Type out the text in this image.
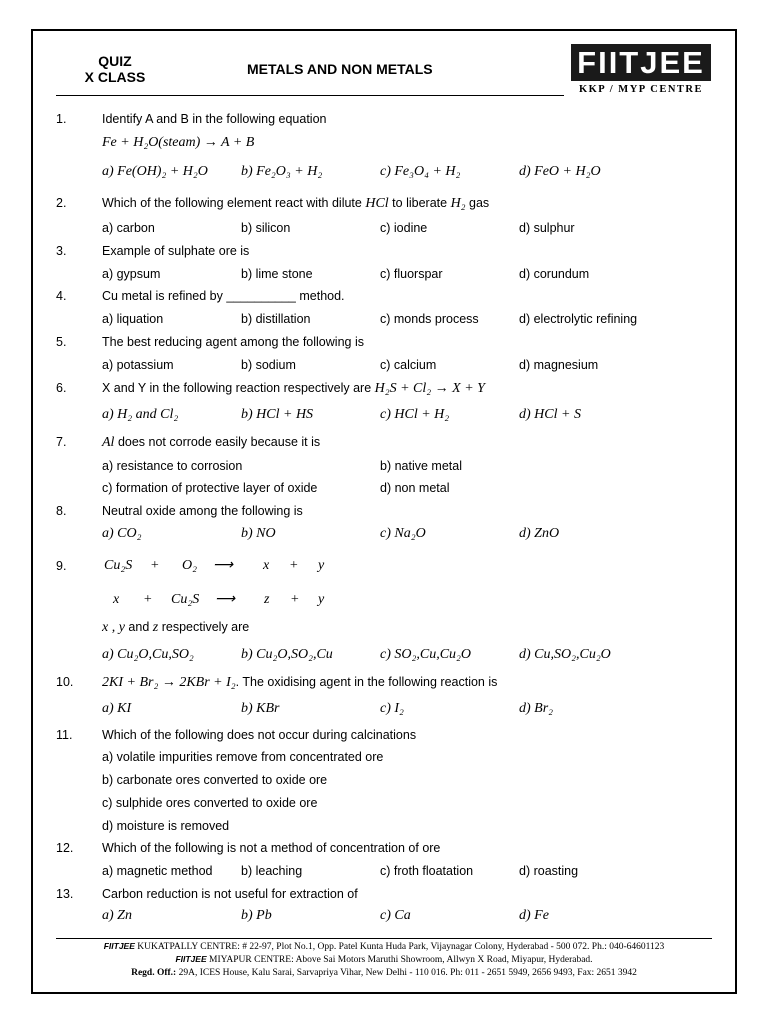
QUIZ
X CLASS	METALS AND NON METALS	FIITJEE
KKP / MYP CENTRE
1.	Identify A and B in the following equation
Fe + H₂O(steam) → A + B
a) Fe(OH)₂ + H₂O b) Fe₂O₃ + H₂	c) Fe₃O₄ + H₂	d) FeO + H₂O
2.	Which of the following element react with dilute HCl to liberate H₂ gas
a) carbon	b) silicon	c) iodine	d) sulphur
3.	Example of sulphate ore is
a) gypsum	b) lime stone	c) fluorspar	d) corundum
4.	Cu metal is refined by __________ method.
a) liquation	b) distillation	c) monds process	d) electrolytic refining
5.	The best reducing agent among the following is
a) potassium	b) sodium	c) calcium	d) magnesium
6.	X and Y in the following reaction respectively are H₂S + Cl₂ → X + Y
a) H₂ and Cl₂	b) HCl + HS	c) HCl + H₂	d) HCl + S
7.	Al does not corrode easily because it is
a) resistance to corrosion	b) native metal
c) formation of protective layer of oxide	d) non metal
8.	Neutral oxide among the following is
a) CO₂	b) NO	c) Na₂O	d) ZnO
9.	Cu₂S + O₂ ⟶ x + y
x + Cu₂S ⟶ z + y
x , y and z respectively are
a) Cu₂O,Cu,SO₂	b) Cu₂O,SO₂,Cu	c) SO₂,Cu,Cu₂O	d) Cu,SO₂,Cu₂O
10. 2KI + Br₂ → 2KBr + I₂. The oxidising agent in the following reaction is
a) KI	b) KBr	c) I₂	d) Br₂
11. Which of the following does not occur during calcinations
a) volatile impurities remove from concentrated ore
b) carbonate ores converted to oxide ore
c) sulphide ores converted to oxide ore
d) moisture is removed
12. Which of the following is not a method of concentration of ore
a) magnetic method b) leaching	c) froth floatation	d) roasting
13. Carbon reduction is not useful for extraction of
a) Zn	b) Pb	c) Ca	d) Fe
FIITJEE KUKATPALLY CENTRE: # 22-97, Plot No.1, Opp. Patel Kunta Huda Park, Vijaynagar Colony, Hyderabad - 500 072. Ph.: 040-64601123
FIITJEE MIYAPUR CENTRE: Above Sai Motors Maruthi Showroom, Allwyn X Road, Miyapur, Hyderabad.
Regd. Off.: 29A, ICES House, Kalu Sarai, Sarvapriya Vihar, New Delhi - 110 016. Ph: 011 - 2651 5949, 2656 9493, Fax: 2651 3942
